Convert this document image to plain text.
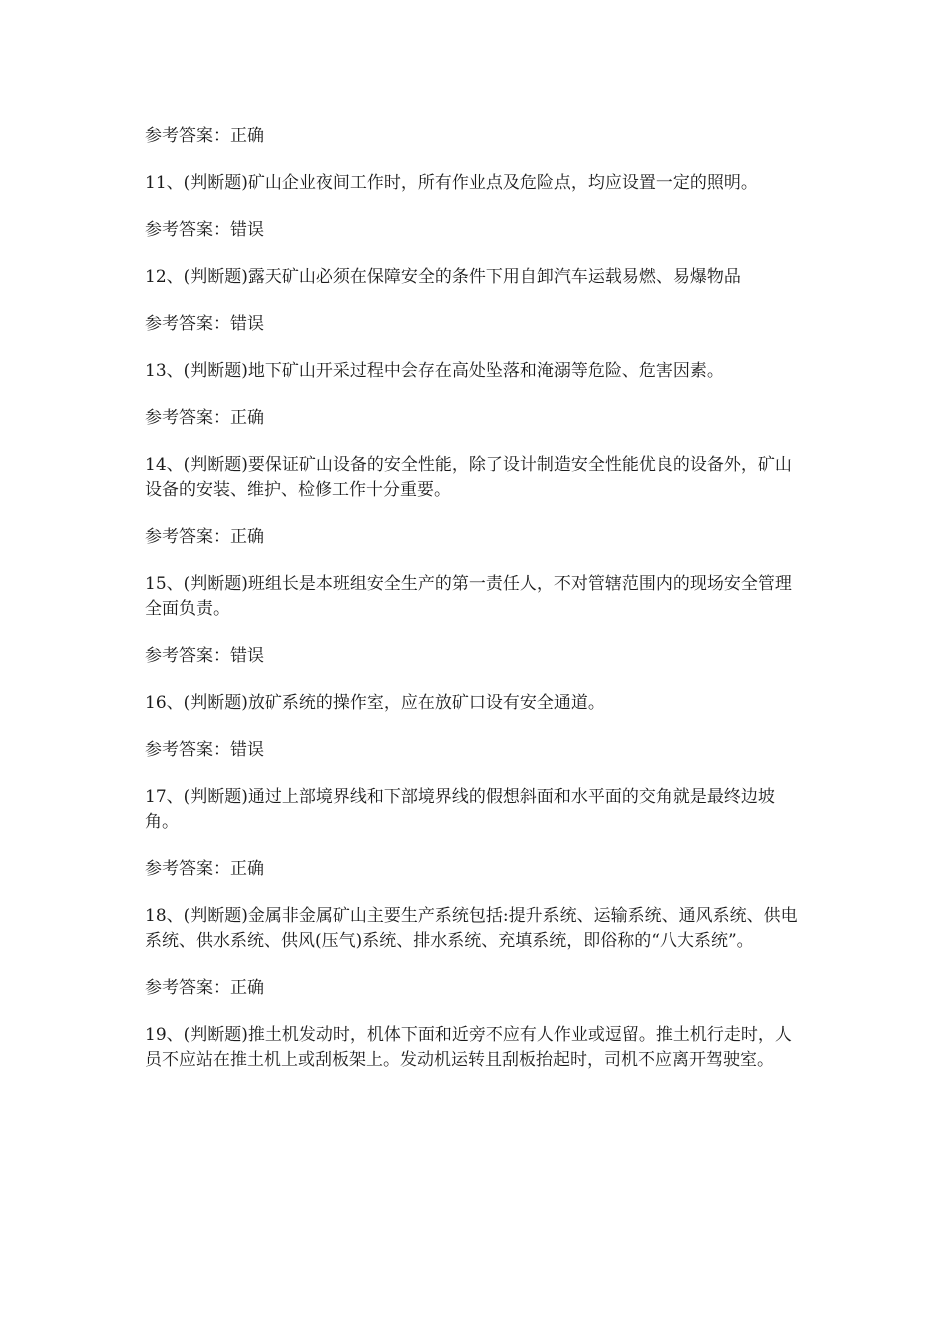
参考答案：正确

11、(判断题)矿山企业夜间工作时，所有作业点及危险点，均应设置一定的照明。

参考答案：错误

12、(判断题)露天矿山必须在保障安全的条件下用自卸汽车运载易燃、易爆物品

参考答案：错误

13、(判断题)地下矿山开采过程中会存在高处坠落和淹溺等危险、危害因素。

参考答案：正确

14、(判断题)要保证矿山设备的安全性能，除了设计制造安全性能优良的设备外，矿山设备的安装、维护、检修工作十分重要。

参考答案：正确

15、(判断题)班组长是本班组安全生产的第一责任人，不对管辖范围内的现场安全管理全面负责。

参考答案：错误

16、(判断题)放矿系统的操作室，应在放矿口设有安全通道。

参考答案：错误

17、(判断题)通过上部境界线和下部境界线的假想斜面和水平面的交角就是最终边坡角。

参考答案：正确

18、(判断题)金属非金属矿山主要生产系统包括:提升系统、运输系统、通风系统、供电系统、供水系统、供风(压气)系统、排水系统、充填系统，即俗称的“八大系统”。

参考答案：正确

19、(判断题)推土机发动时，机体下面和近旁不应有人作业或逗留。推土机行走时，人员不应站在推土机上或刮板架上。发动机运转且刮板抬起时，司机不应离开驾驶室。
